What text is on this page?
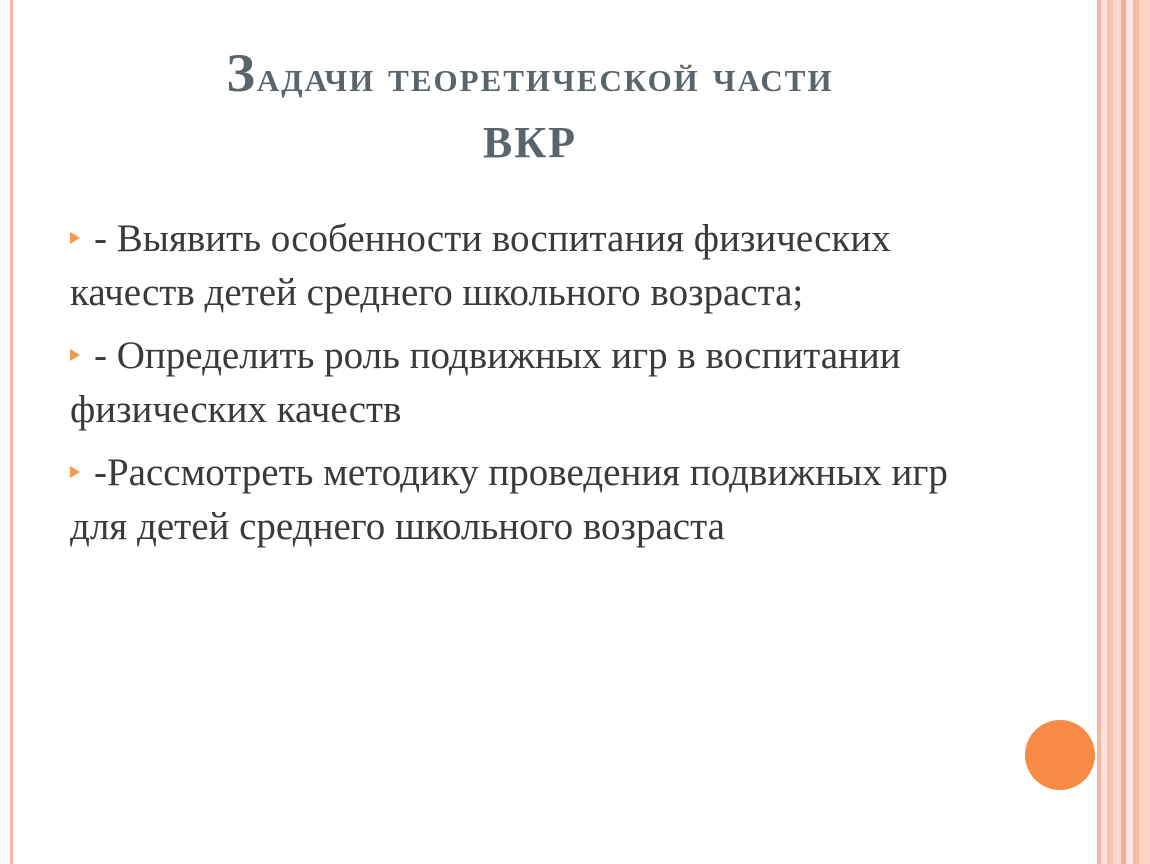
Задачи теоретической части
ВКР
- Выявить особенности воспитания физических качеств детей среднего школьного возраста;
- Определить роль подвижных игр в воспитании физических качеств
-Рассмотреть методику проведения подвижных игр для детей среднего школьного возраста
